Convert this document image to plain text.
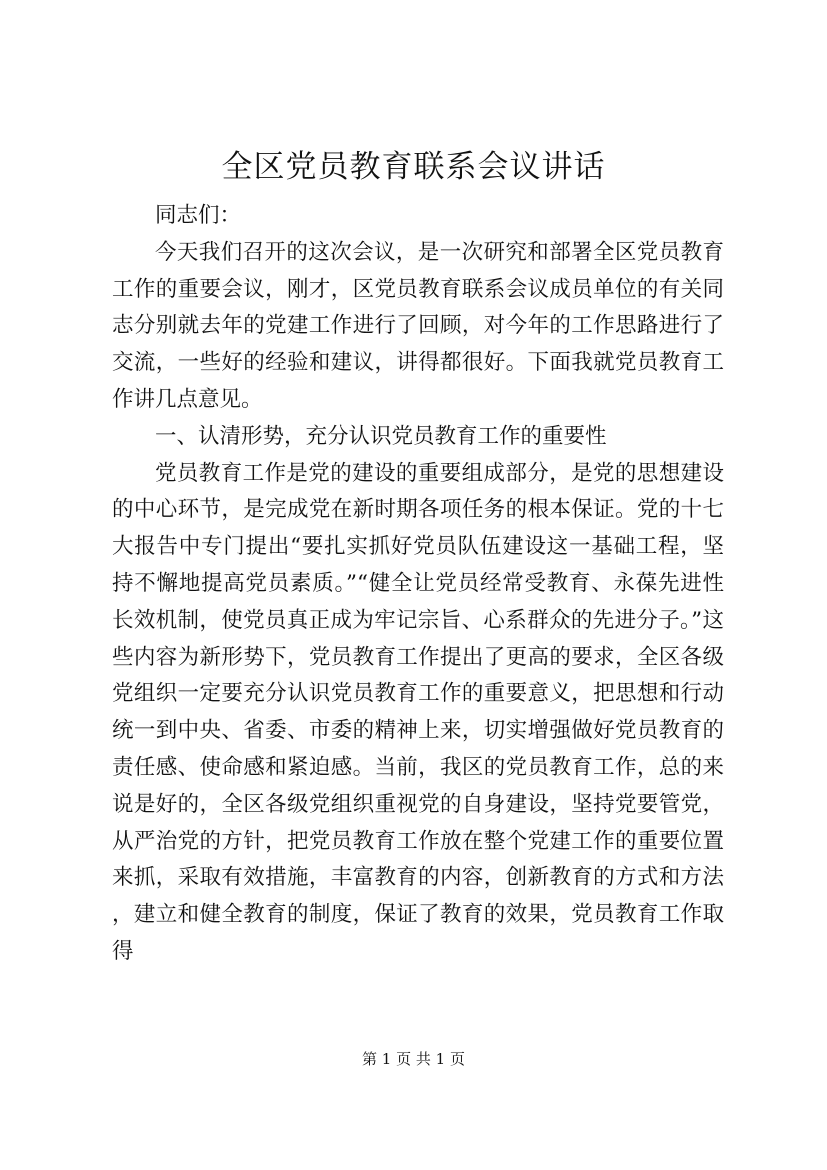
全区党员教育联系会议讲话

同志们：

今天我们召开的这次会议，是一次研究和部署全区党员教育工作的重要会议，刚才，区党员教育联系会议成员单位的有关同志分别就去年的党建工作进行了回顾，对今年的工作思路进行了交流，一些好的经验和建议，讲得都很好。下面我就党员教育工作讲几点意见。

一、认清形势，充分认识党员教育工作的重要性

党员教育工作是党的建设的重要组成部分，是党的思想建设的中心环节，是完成党在新时期各项任务的根本保证。党的十七大报告中专门提出“要扎实抓好党员队伍建设这一基础工程，坚持不懈地提高党员素质。”“健全让党员经常受教育、永葆先进性长效机制，使党员真正成为牢记宗旨、心系群众的先进分子。”这些内容为新形势下，党员教育工作提出了更高的要求，全区各级党组织一定要充分认识党员教育工作的重要意义，把思想和行动统一到中央、省委、市委的精神上来，切实增强做好党员教育的责任感、使命感和紧迫感。当前，我区的党员教育工作，总的来说是好的，全区各级党组织重视党的自身建设，坚持党要管党，从严治党的方针，把党员教育工作放在整个党建工作的重要位置来抓，采取有效措施，丰富教育的内容，创新教育的方式和方法，建立和健全教育的制度，保证了教育的效果，党员教育工作取得

第 1 页 共 1 页
